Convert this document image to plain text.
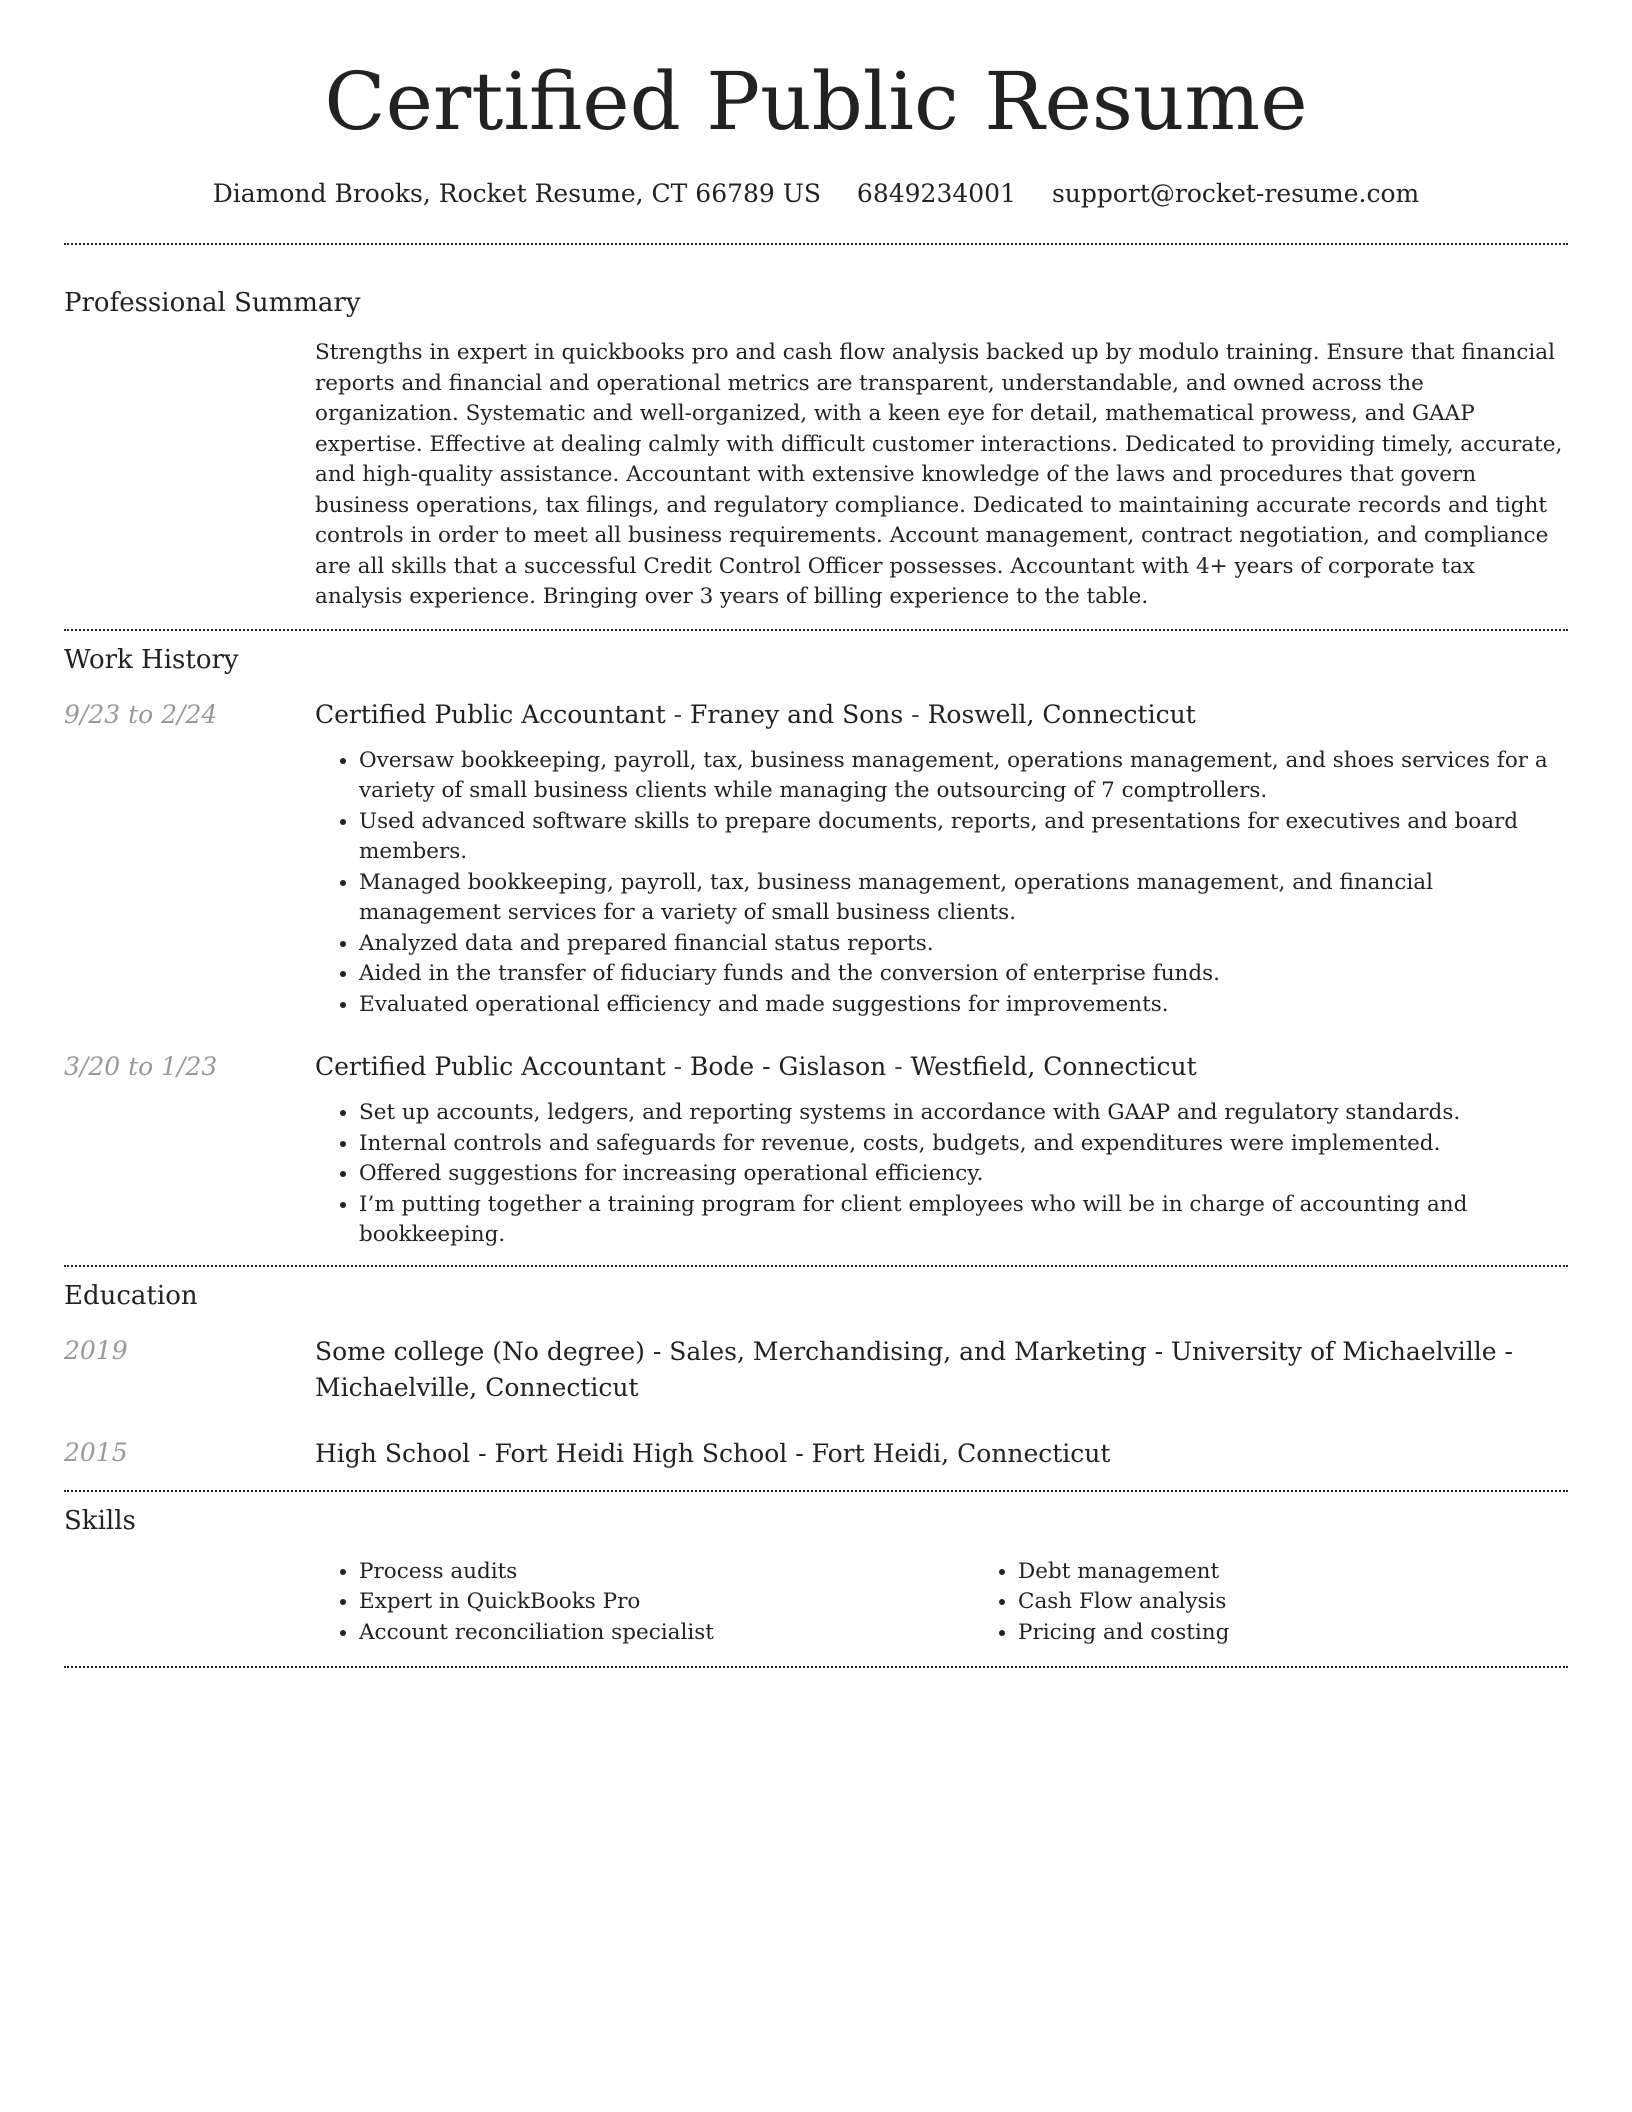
Certified Public Resume
Diamond Brooks, Rocket Resume, CT 66789 US 6849234001 support@rocket-resume.com
Professional Summary

Strengths in expert in quickbooks pro and cash flow analysis backed up by modulo training. Ensure that financial reports and financial and operational metrics are transparent, understandable, and owned across the organization. Systematic and well-organized, with a keen eye for detail, mathematical prowess, and GAAP expertise. Effective at dealing calmly with difficult customer interactions. Dedicated to providing timely, accurate, and high-quality assistance. Accountant with extensive knowledge of the laws and procedures that govern business operations, tax filings, and regulatory compliance. Dedicated to maintaining accurate records and tight controls in order to meet all business requirements. Account management, contract negotiation, and compliance are all skills that a successful Credit Control Officer possesses. Accountant with 4+ years of corporate tax analysis experience. Bringing over 3 years of billing experience to the table.

Work History
9/23 to 2/24	Certified Public Accountant - Franey and Sons - Roswell, Connecticut
• Oversaw bookkeeping, payroll, tax, business management, operations management, and shoes services for a variety of small business clients while managing the outsourcing of 7 comptrollers.
• Used advanced software skills to prepare documents, reports, and presentations for executives and board members.
• Managed bookkeeping, payroll, tax, business management, operations management, and financial management services for a variety of small business clients.
• Analyzed data and prepared financial status reports.
• Aided in the transfer of fiduciary funds and the conversion of enterprise funds.
• Evaluated operational efficiency and made suggestions for improvements.
3/20 to 1/23	Certified Public Accountant - Bode - Gislason - Westfield, Connecticut
• Set up accounts, ledgers, and reporting systems in accordance with GAAP and regulatory standards.
• Internal controls and safeguards for revenue, costs, budgets, and expenditures were implemented.
• Offered suggestions for increasing operational efficiency.
• I’m putting together a training program for client employees who will be in charge of accounting and bookkeeping.
Education
2019	Some college (No degree) - Sales, Merchandising, and Marketing - University of Michaelville - Michaelville, Connecticut
2015	High School - Fort Heidi High School - Fort Heidi, Connecticut
Skills
• Process audits
• Expert in QuickBooks Pro
• Account reconciliation specialist
• Debt management
• Cash Flow analysis
• Pricing and costing
